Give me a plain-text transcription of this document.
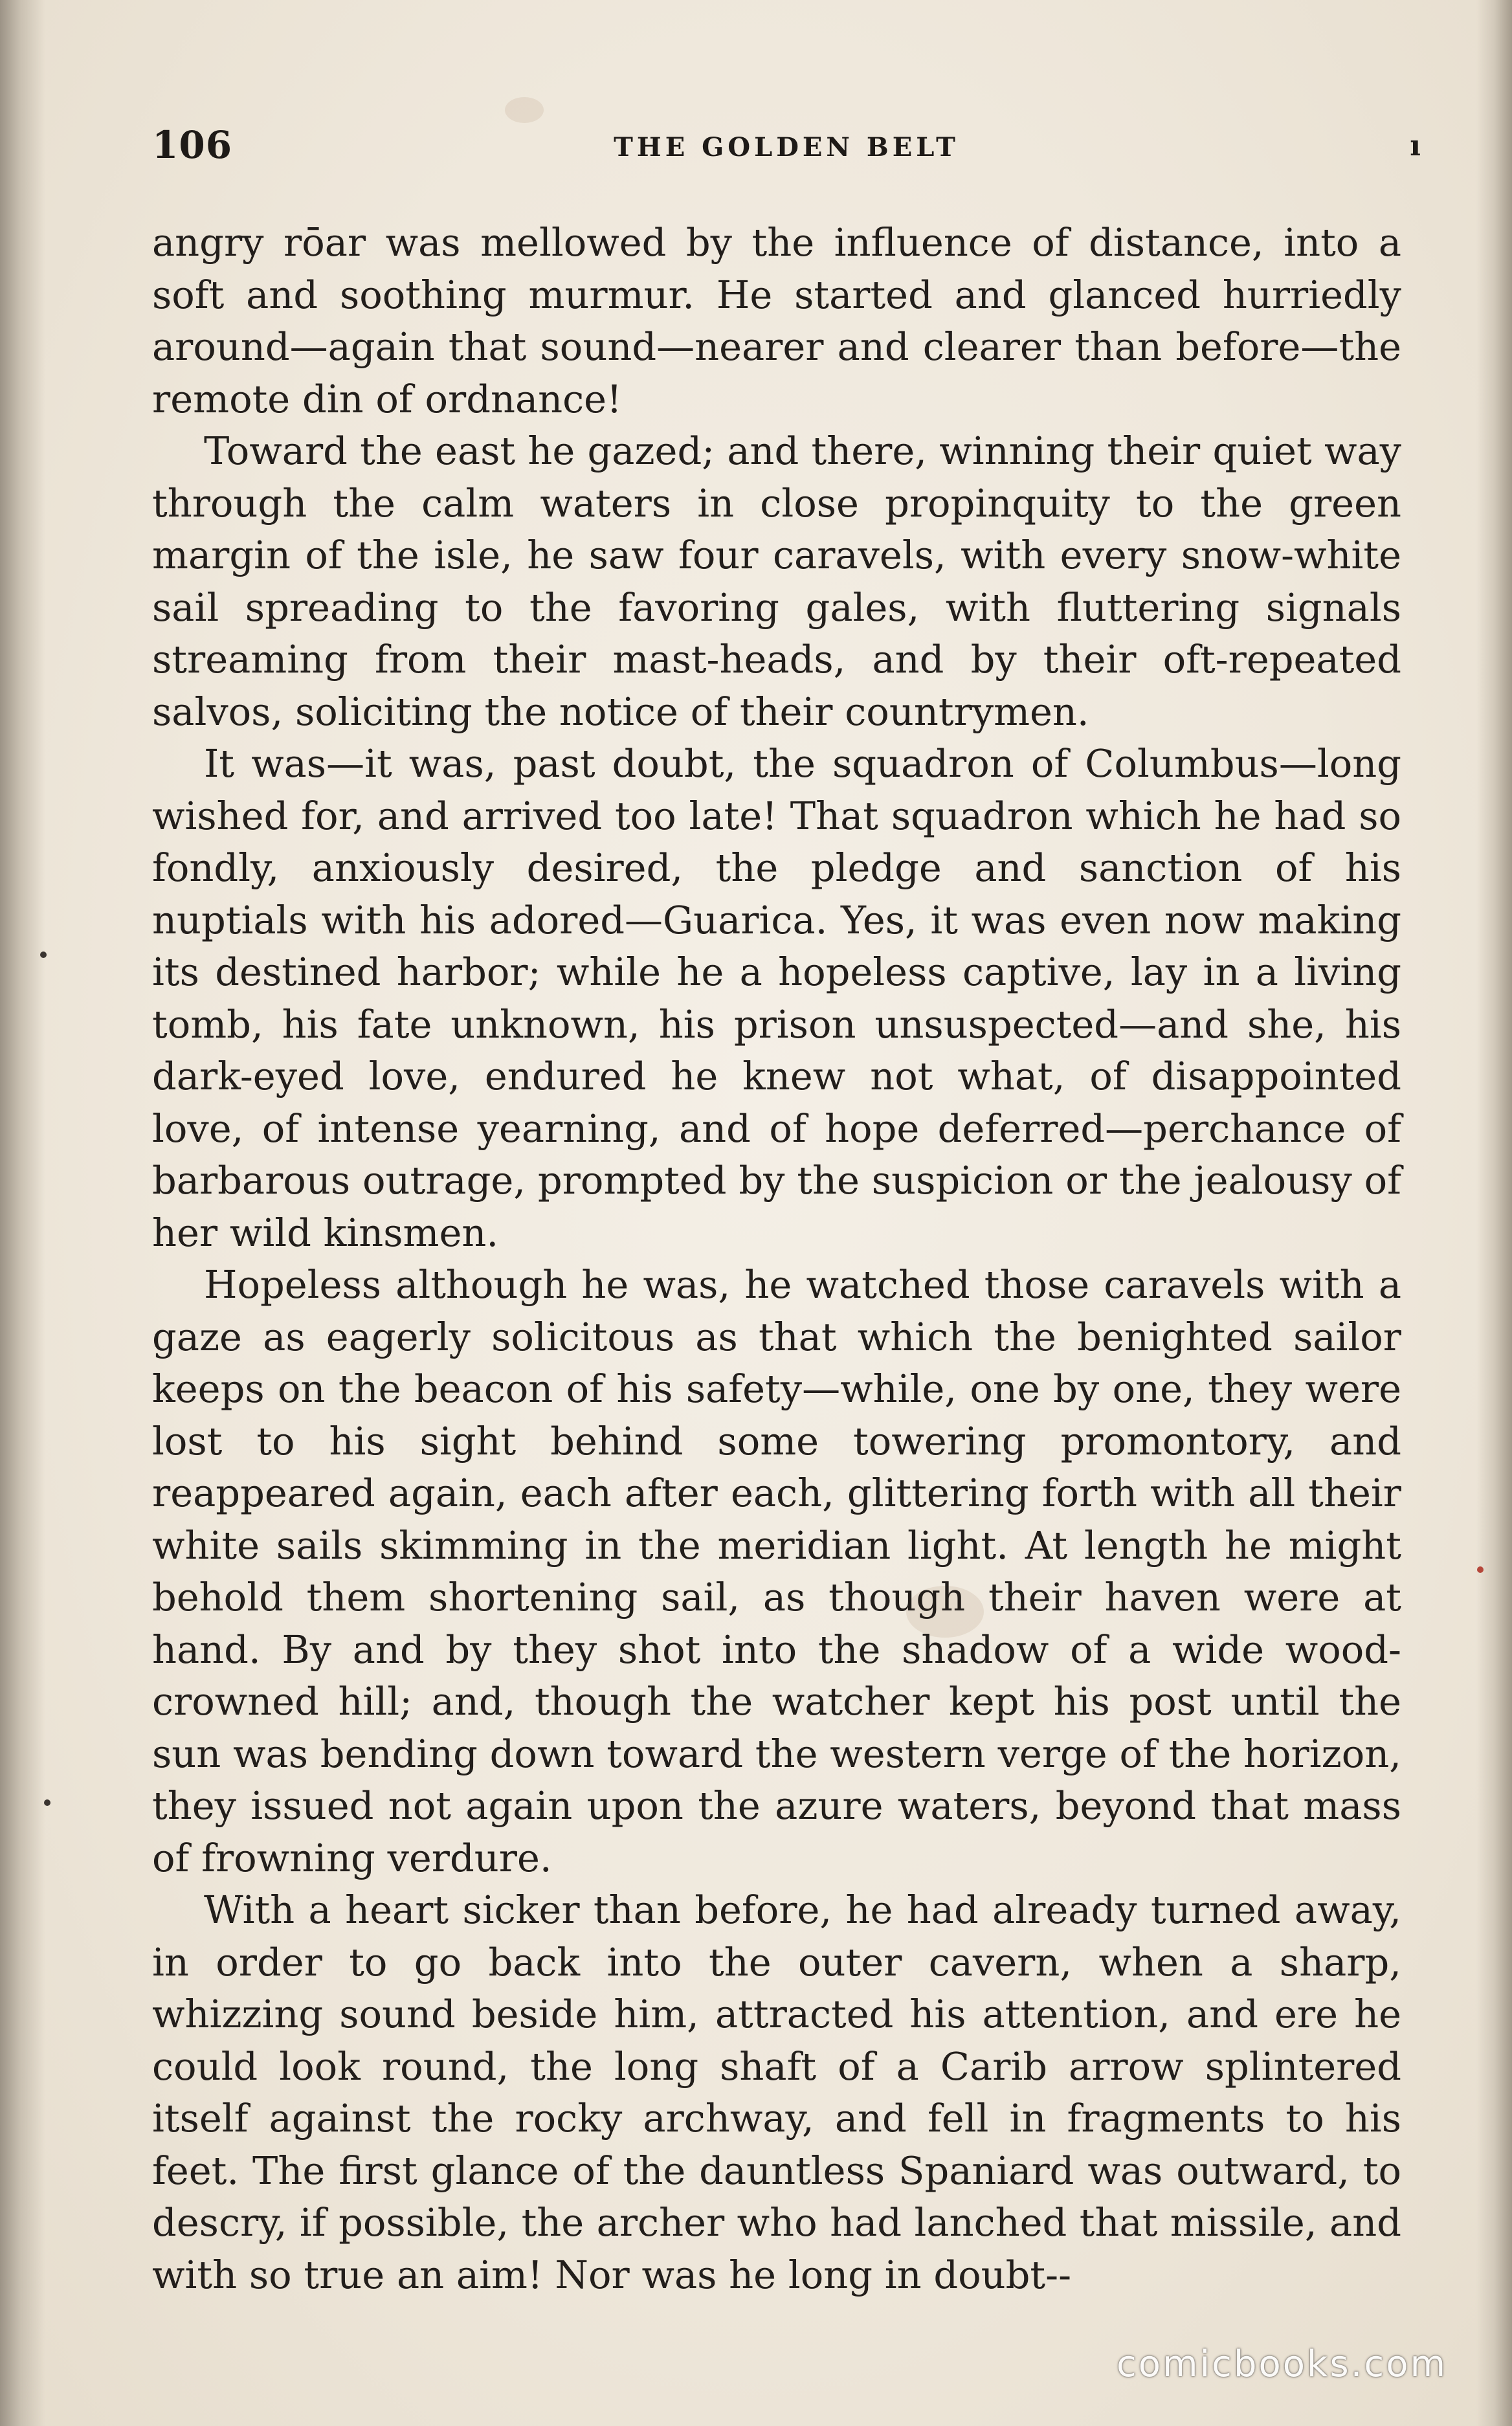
106	THE GOLDEN BELT	ı

angry rōar was mellowed by the influence of distance, into a soft and soothing murmur. He started and glanced hurriedly around—again that sound—nearer and clearer than before—the remote din of ordnance!

Toward the east he gazed; and there, winning their quiet way through the calm waters in close propinquity to the green margin of the isle, he saw four caravels, with every snow-white sail spreading to the favoring gales, with fluttering signals streaming from their mast-heads, and by their oft-repeated salvos, soliciting the notice of their countrymen.

It was—it was, past doubt, the squadron of Columbus—long wished for, and arrived too late! That squadron which he had so fondly, anxiously desired, the pledge and sanction of his nuptials with his adored—Guarica. Yes, it was even now making its destined harbor; while he a hopeless captive, lay in a living tomb, his fate unknown, his prison unsuspected—and she, his dark-eyed love, endured he knew not what, of disappointed love, of intense yearning, and of hope deferred—perchance of barbarous outrage, prompted by the suspicion or the jealousy of her wild kinsmen.

Hopeless although he was, he watched those caravels with a gaze as eagerly solicitous as that which the benighted sailor keeps on the beacon of his safety—while, one by one, they were lost to his sight behind some towering promontory, and reappeared again, each after each, glittering forth with all their white sails skimming in the meridian light. At length he might behold them shortening sail, as though their haven were at hand. By and by they shot into the shadow of a wide wood-crowned hill; and, though the watcher kept his post until the sun was bending down toward the western verge of the horizon, they issued not again upon the azure waters, beyond that mass of frowning verdure.

With a heart sicker than before, he had already turned away, in order to go back into the outer cavern, when a sharp, whizzing sound beside him, attracted his attention, and ere he could look round, the long shaft of a Carib arrow splintered itself against the rocky archway, and fell in fragments to his feet. The first glance of the dauntless Spaniard was outward, to descry, if possible, the archer who had lanched that missile, and with so true an aim! Nor was he long in doubt--

comicbooks.com
